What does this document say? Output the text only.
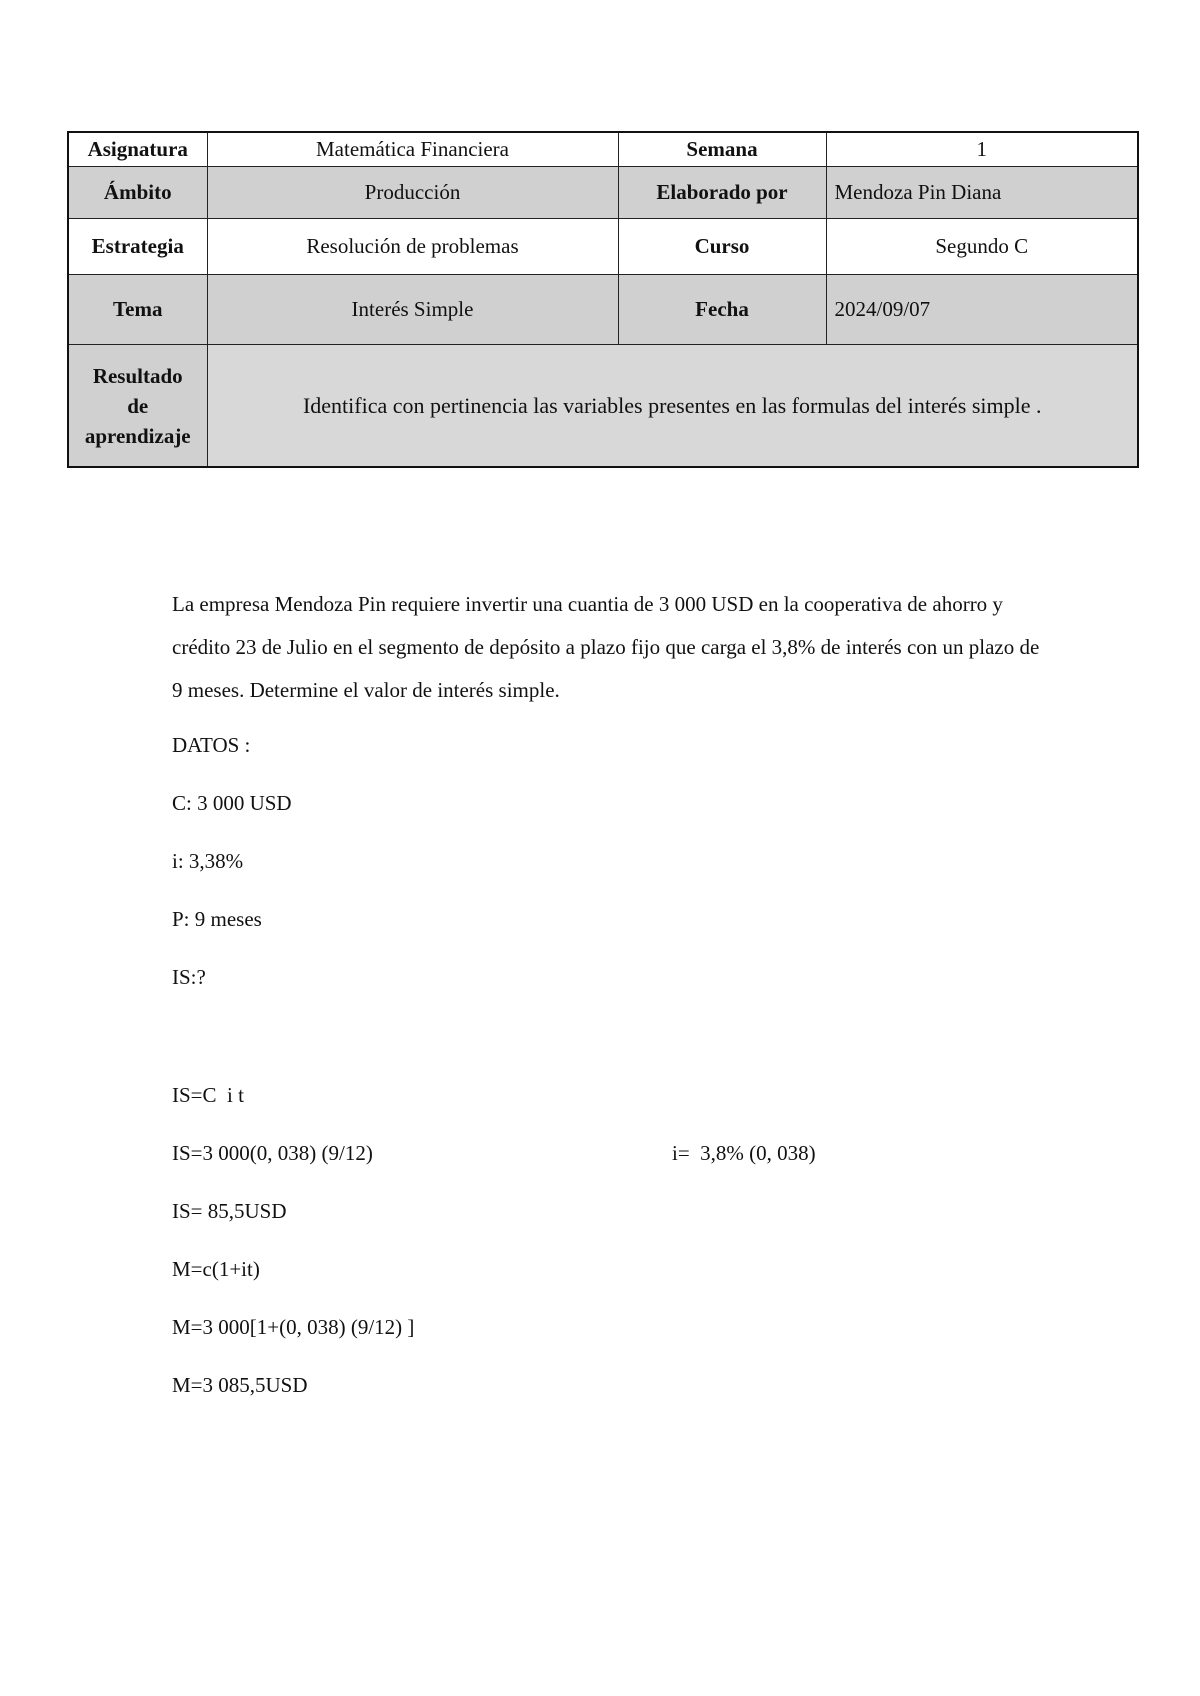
Asignatura	Matemática Financiera	Semana	1
Ámbito	Producción	Elaborado por	Mendoza Pin Diana
Estrategia	Resolución de problemas	Curso	Segundo C
Tema	Interés Simple	Fecha	2024/09/07

Resultado
de
aprendizaje	Identifica con pertinencia las variables presentes en las formulas del interés simple .		
La empresa Mendoza Pin requiere invertir una cuantia de 3 000 USD en la cooperativa de ahorro y crédito 23 de Julio en el segmento de depósito a plazo fijo que carga el 3,8% de interés con un plazo de 9 meses. Determine el valor de interés simple.
DATOS :
C: 3 000 USD
i: 3,38%
P: 9 meses
IS:?
IS=C  i t
IS=3 000(0, 038) (9/12)	i=  3,8% (0, 038)
IS= 85,5USD
M=c(1+it)
M=3 000[1+(0, 038) (9/12) ]
M=3 085,5USD
